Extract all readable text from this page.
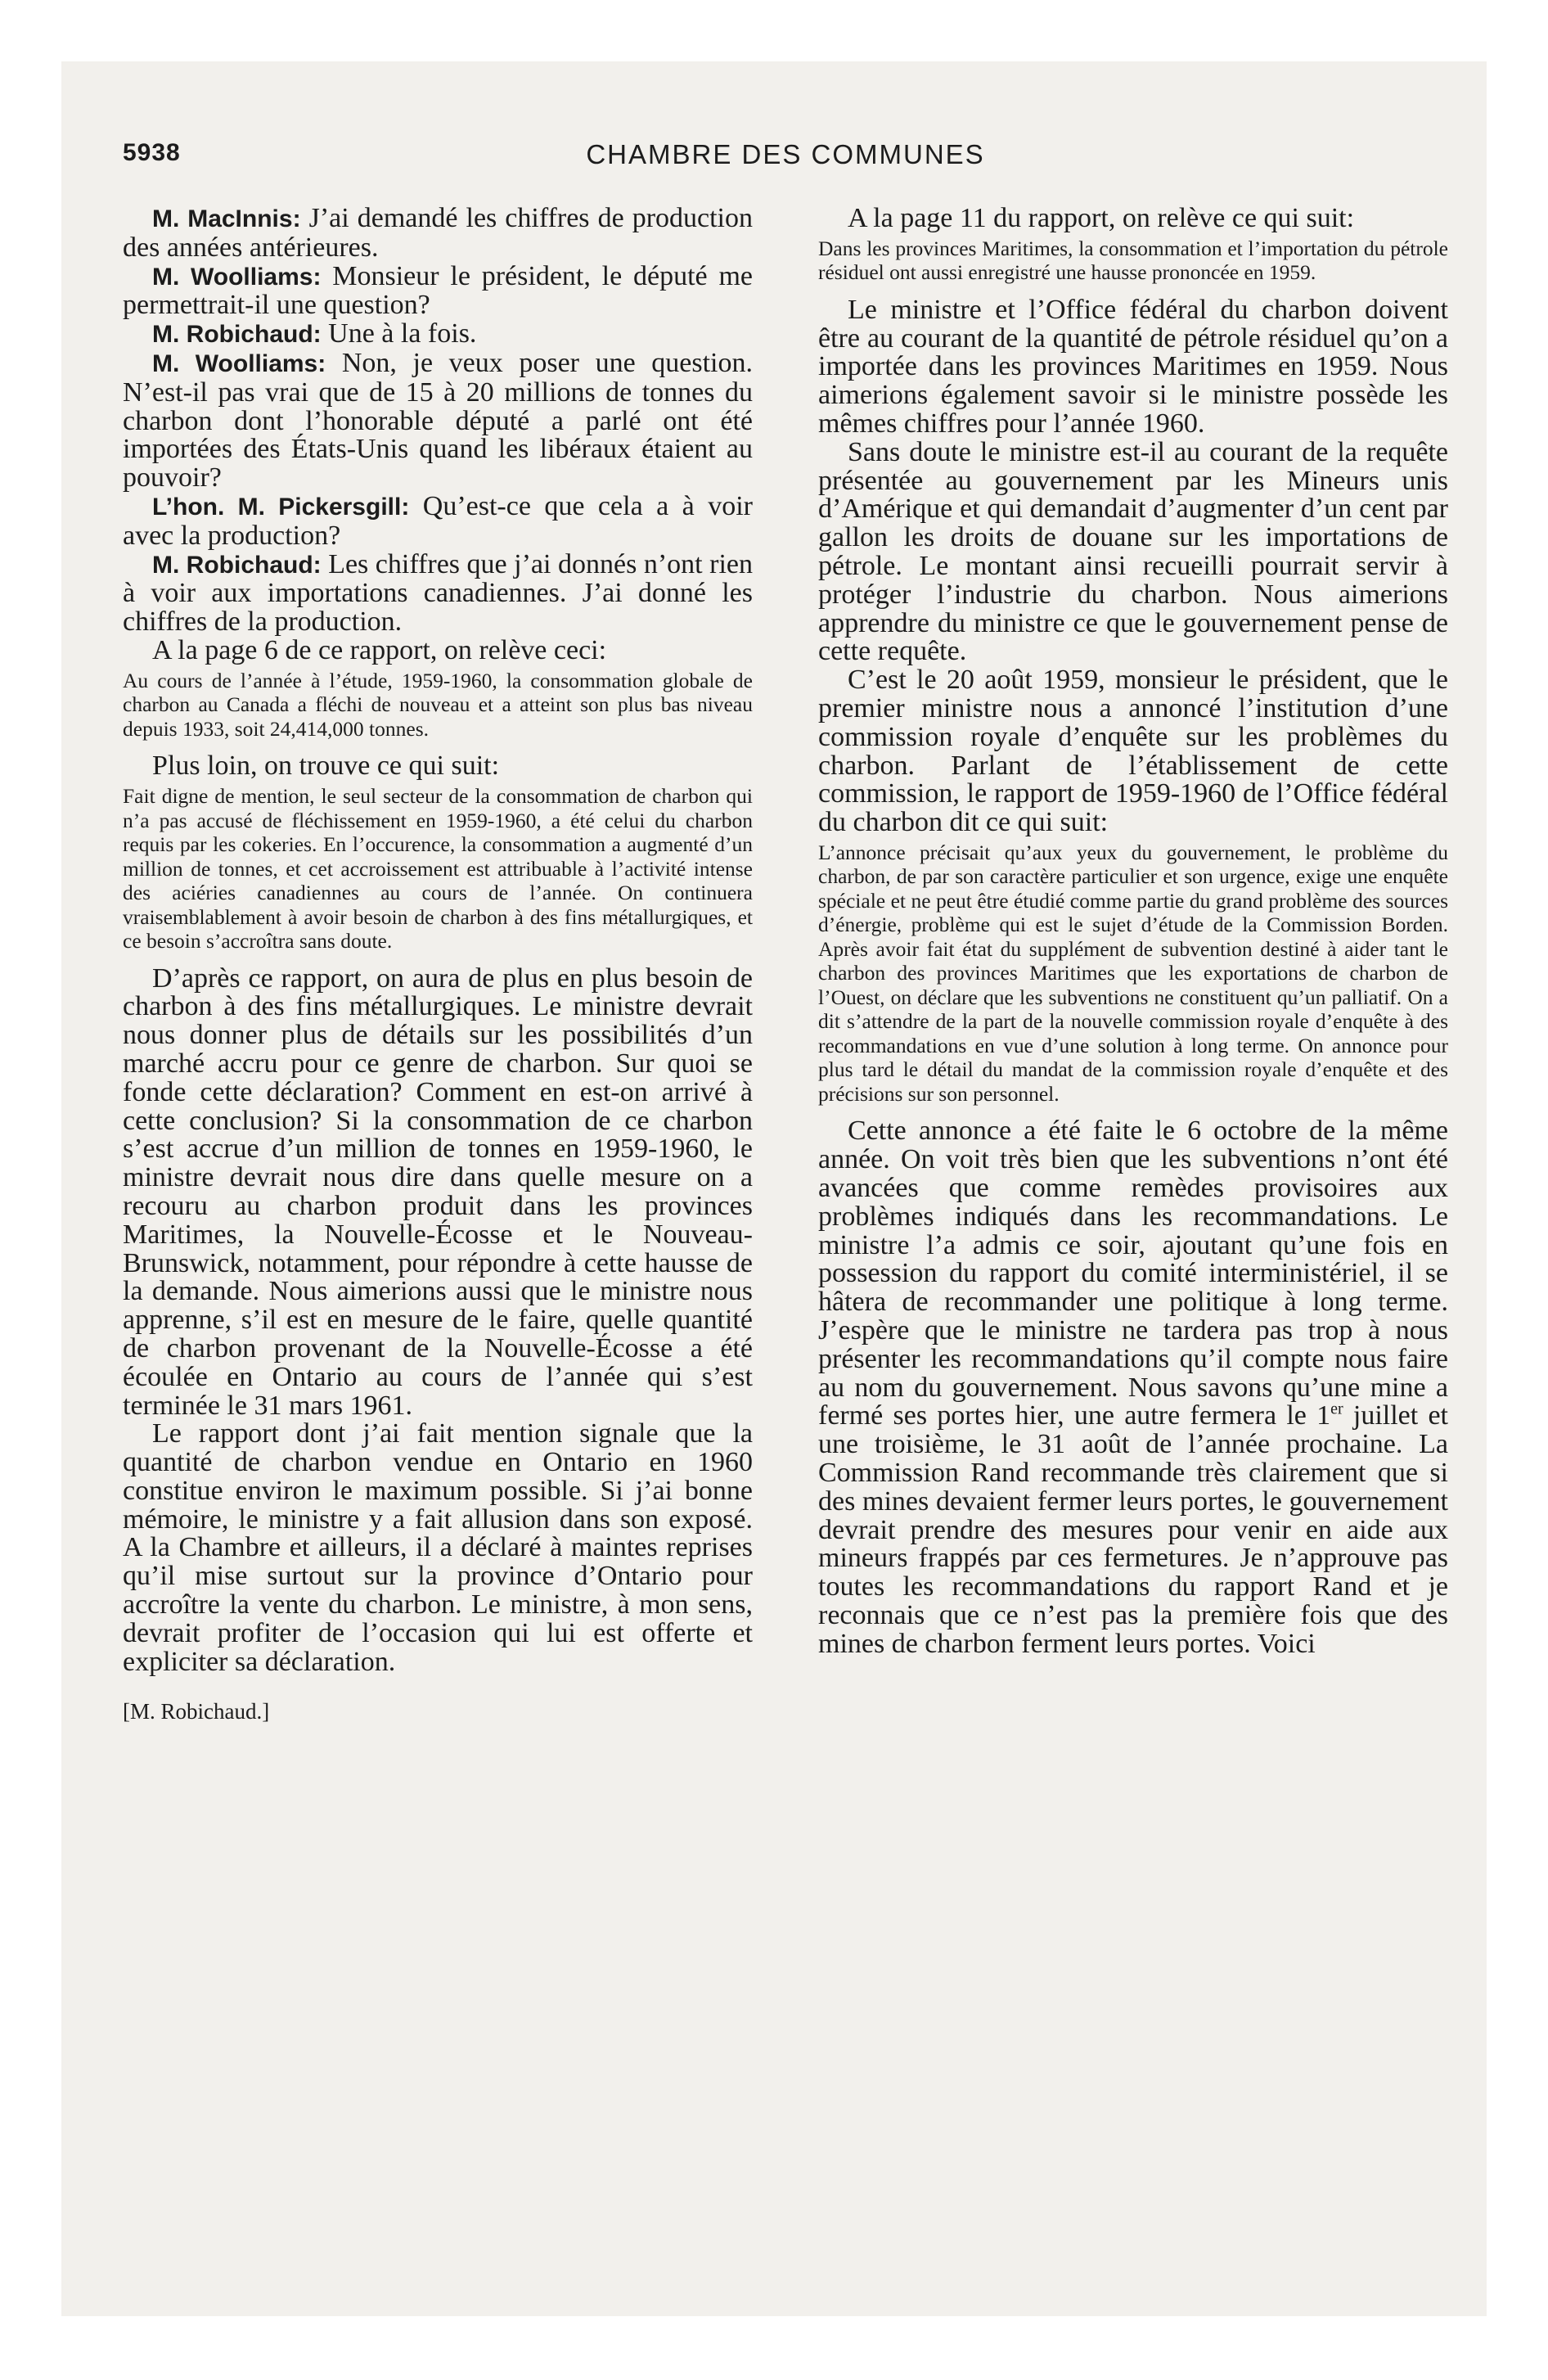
5938	CHAMBRE DES COMMUNES

M. MacInnis: J’ai demandé les chiffres de production des années antérieures.

M. Woolliams: Monsieur le président, le député me permettrait-il une question?

M. Robichaud: Une à la fois.

M. Woolliams: Non, je veux poser une question. N’est-il pas vrai que de 15 à 20 millions de tonnes du charbon dont l’honorable député a parlé ont été importées des États-Unis quand les libéraux étaient au pouvoir?

L’hon. M. Pickersgill: Qu’est-ce que cela a à voir avec la production?

M. Robichaud: Les chiffres que j’ai donnés n’ont rien à voir aux importations canadiennes. J’ai donné les chiffres de la production.

A la page 6 de ce rapport, on relève ceci:

Au cours de l’année à l’étude, 1959-1960, la consommation globale de charbon au Canada a fléchi de nouveau et a atteint son plus bas niveau depuis 1933, soit 24,414,000 tonnes.

Plus loin, on trouve ce qui suit:

Fait digne de mention, le seul secteur de la consommation de charbon qui n’a pas accusé de fléchissement en 1959-1960, a été celui du charbon requis par les cokeries. En l’occurence, la consommation a augmenté d’un million de tonnes, et cet accroissement est attribuable à l’activité intense des aciéries canadiennes au cours de l’année. On continuera vraisemblablement à avoir besoin de charbon à des fins métallurgiques, et ce besoin s’accroîtra sans doute.

D’après ce rapport, on aura de plus en plus besoin de charbon à des fins métallurgiques. Le ministre devrait nous donner plus de détails sur les possibilités d’un marché accru pour ce genre de charbon. Sur quoi se fonde cette déclaration? Comment en est-on arrivé à cette conclusion? Si la consommation de ce charbon s’est accrue d’un million de tonnes en 1959-1960, le ministre devrait nous dire dans quelle mesure on a recouru au charbon produit dans les provinces Maritimes, la Nouvelle-Écosse et le Nouveau-Brunswick, notamment, pour répondre à cette hausse de la demande. Nous aimerions aussi que le ministre nous apprenne, s’il est en mesure de le faire, quelle quantité de charbon provenant de la Nouvelle-Écosse a été écoulée en Ontario au cours de l’année qui s’est terminée le 31 mars 1961.

Le rapport dont j’ai fait mention signale que la quantité de charbon vendue en Ontario en 1960 constitue environ le maximum possible. Si j’ai bonne mémoire, le ministre y a fait allusion dans son exposé. A la Chambre et ailleurs, il a déclaré à maintes reprises qu’il mise surtout sur la province d’Ontario pour accroître la vente du charbon. Le ministre, à mon sens, devrait profiter de l’occasion qui lui est offerte et expliciter sa déclaration.

[M. Robichaud.]

A la page 11 du rapport, on relève ce qui suit:

Dans les provinces Maritimes, la consommation et l’importation du pétrole résiduel ont aussi enregistré une hausse prononcée en 1959.

Le ministre et l’Office fédéral du charbon doivent être au courant de la quantité de pétrole résiduel qu’on a importée dans les provinces Maritimes en 1959. Nous aimerions également savoir si le ministre possède les mêmes chiffres pour l’année 1960.

Sans doute le ministre est-il au courant de la requête présentée au gouvernement par les Mineurs unis d’Amérique et qui demandait d’augmenter d’un cent par gallon les droits de douane sur les importations de pétrole. Le montant ainsi recueilli pourrait servir à protéger l’industrie du charbon. Nous aimerions apprendre du ministre ce que le gouvernement pense de cette requête.

C’est le 20 août 1959, monsieur le président, que le premier ministre nous a annoncé l’institution d’une commission royale d’enquête sur les problèmes du charbon. Parlant de l’établissement de cette commission, le rapport de 1959-1960 de l’Office fédéral du charbon dit ce qui suit:

L’annonce précisait qu’aux yeux du gouvernement, le problème du charbon, de par son caractère particulier et son urgence, exige une enquête spéciale et ne peut être étudié comme partie du grand problème des sources d’énergie, problème qui est le sujet d’étude de la Commission Borden. Après avoir fait état du supplément de subvention destiné à aider tant le charbon des provinces Maritimes que les exportations de charbon de l’Ouest, on déclare que les subventions ne constituent qu’un palliatif. On a dit s’attendre de la part de la nouvelle commission royale d’enquête à des recommandations en vue d’une solution à long terme. On annonce pour plus tard le détail du mandat de la commission royale d’enquête et des précisions sur son personnel.

Cette annonce a été faite le 6 octobre de la même année. On voit très bien que les subventions n’ont été avancées que comme remèdes provisoires aux problèmes indiqués dans les recommandations. Le ministre l’a admis ce soir, ajoutant qu’une fois en possession du rapport du comité interministériel, il se hâtera de recommander une politique à long terme. J’espère que le ministre ne tardera pas trop à nous présenter les recommandations qu’il compte nous faire au nom du gouvernement. Nous savons qu’une mine a fermé ses portes hier, une autre fermera le 1er juillet et une troisième, le 31 août de l’année prochaine. La Commission Rand recommande très clairement que si des mines devaient fermer leurs portes, le gouvernement devrait prendre des mesures pour venir en aide aux mineurs frappés par ces fermetures. Je n’approuve pas toutes les recommandations du rapport Rand et je reconnais que ce n’est pas la première fois que des mines de charbon ferment leurs portes. Voici
